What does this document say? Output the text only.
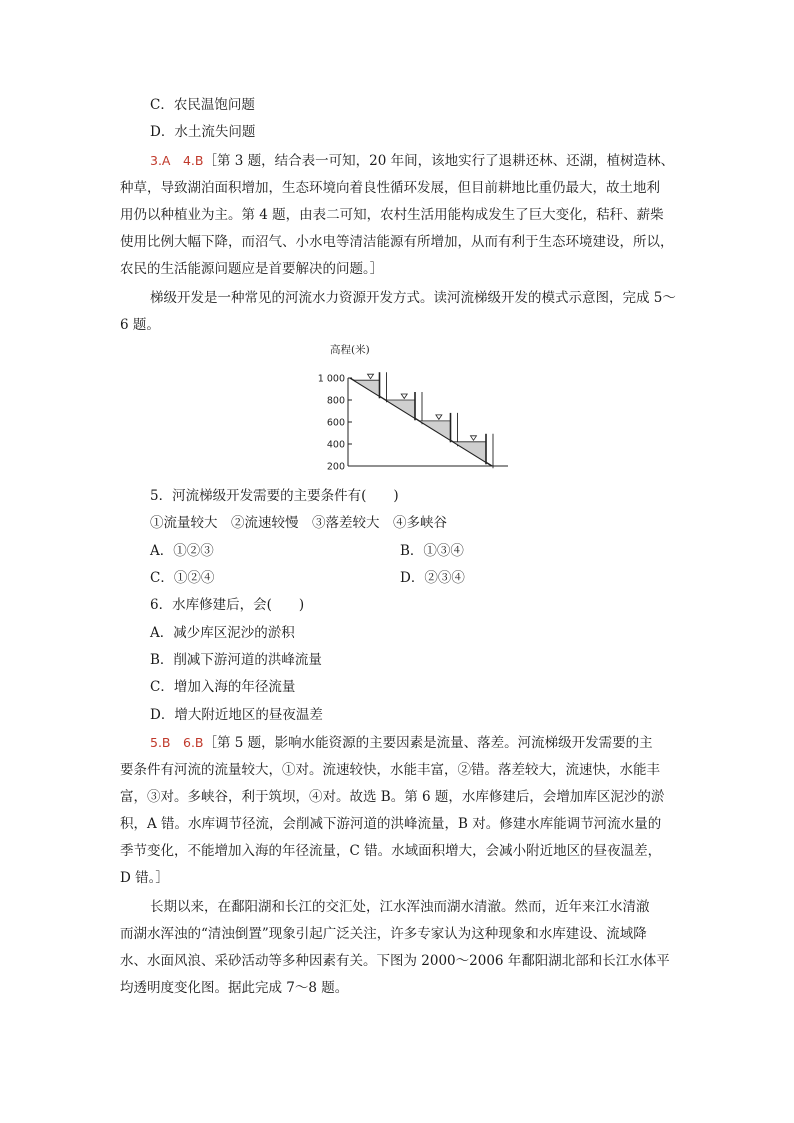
C．农民温饱问题
D．水土流失问题
3.A　4.B［第 3 题，结合表一可知，20 年间，该地实行了退耕还林、还湖，植树造林、
种草，导致湖泊面积增加，生态环境向着良性循环发展，但目前耕地比重仍最大，故土地利
用仍以种植业为主。第 4 题，由表二可知，农村生活用能构成发生了巨大变化，秸秆、薪柴
使用比例大幅下降，而沼气、小水电等清洁能源有所增加，从而有利于生态环境建设，所以，
农民的生活能源问题应是首要解决的问题。］
梯级开发是一种常见的河流水力资源开发方式。读河流梯级开发的模式示意图，完成 5～
6 题。
高程(米)
1 000
800
600
400
200
5．河流梯级开发需要的主要条件有(　　)
①流量较大　②流速较慢　③落差较大　④多峡谷
A．①②③	B．①③④
C．①②④	D．②③④
6．水库修建后，会(　　)
A．减少库区泥沙的淤积
B．削减下游河道的洪峰流量
C．增加入海的年径流量
D．增大附近地区的昼夜温差
5.B　6.B［第 5 题，影响水能资源的主要因素是流量、落差。河流梯级开发需要的主
要条件有河流的流量较大，①对。流速较快，水能丰富，②错。落差较大，流速快，水能丰
富，③对。多峡谷，利于筑坝，④对。故选 B。第 6 题，水库修建后，会增加库区泥沙的淤
积，A 错。水库调节径流，会削减下游河道的洪峰流量，B 对。修建水库能调节河流水量的
季节变化，不能增加入海的年径流量，C 错。水域面积增大，会减小附近地区的昼夜温差，
D 错。］
长期以来，在鄱阳湖和长江的交汇处，江水浑浊而湖水清澈。然而，近年来江水清澈
而湖水浑浊的“清浊倒置”现象引起广泛关注，许多专家认为这种现象和水库建设、流域降
水、水面风浪、采砂活动等多种因素有关。下图为 2000～2006 年鄱阳湖北部和长江水体平
均透明度变化图。据此完成 7～8 题。
